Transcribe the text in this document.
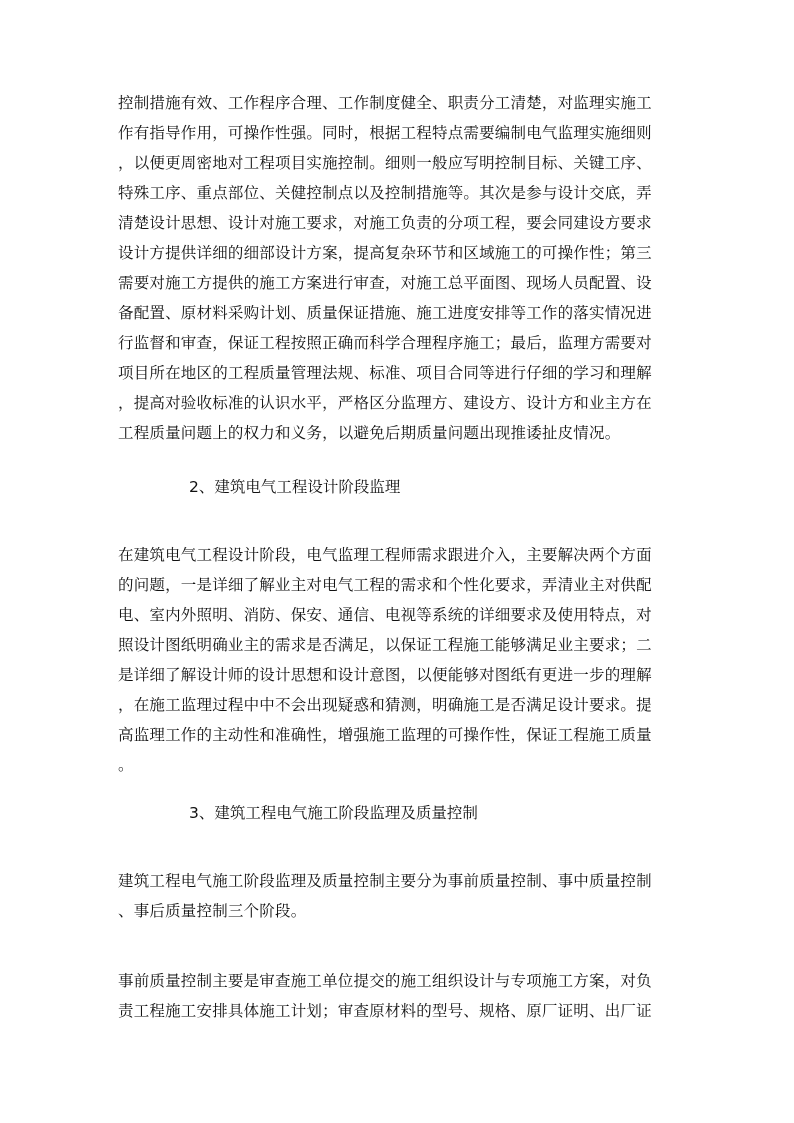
控制措施有效、工作程序合理、工作制度健全、职责分工清楚，对监理实施工
作有指导作用，可操作性强。同时，根据工程特点需要编制电气监理实施细则
，以便更周密地对工程项目实施控制。细则一般应写明控制目标、关键工序、
特殊工序、重点部位、关健控制点以及控制措施等。其次是参与设计交底，弄
清楚设计思想、设计对施工要求，对施工负责的分项工程，要会同建设方要求
设计方提供详细的细部设计方案，提高复杂环节和区域施工的可操作性；第三
需要对施工方提供的施工方案进行审查，对施工总平面图、现场人员配置、设
备配置、原材料采购计划、质量保证措施、施工进度安排等工作的落实情况进
行监督和审查，保证工程按照正确而科学合理程序施工；最后，监理方需要对
项目所在地区的工程质量管理法规、标准、项目合同等进行仔细的学习和理解
，提高对验收标准的认识水平，严格区分监理方、建设方、设计方和业主方在
工程质量问题上的权力和义务，以避免后期质量问题出现推诿扯皮情况。
2、建筑电气工程设计阶段监理
在建筑电气工程设计阶段，电气监理工程师需求跟进介入，主要解决两个方面
的问题，一是详细了解业主对电气工程的需求和个性化要求，弄清业主对供配
电、室内外照明、消防、保安、通信、电视等系统的详细要求及使用特点，对
照设计图纸明确业主的需求是否满足，以保证工程施工能够满足业主要求；二
是详细了解设计师的设计思想和设计意图，以便能够对图纸有更进一步的理解
，在施工监理过程中中不会出现疑惑和猜测，明确施工是否满足设计要求。提
高监理工作的主动性和准确性，增强施工监理的可操作性，保证工程施工质量
。
3、建筑工程电气施工阶段监理及质量控制
建筑工程电气施工阶段监理及质量控制主要分为事前质量控制、事中质量控制
、事后质量控制三个阶段。
事前质量控制主要是审查施工单位提交的施工组织设计与专项施工方案，对负
责工程施工安排具体施工计划；审查原材料的型号、规格、原厂证明、出厂证
